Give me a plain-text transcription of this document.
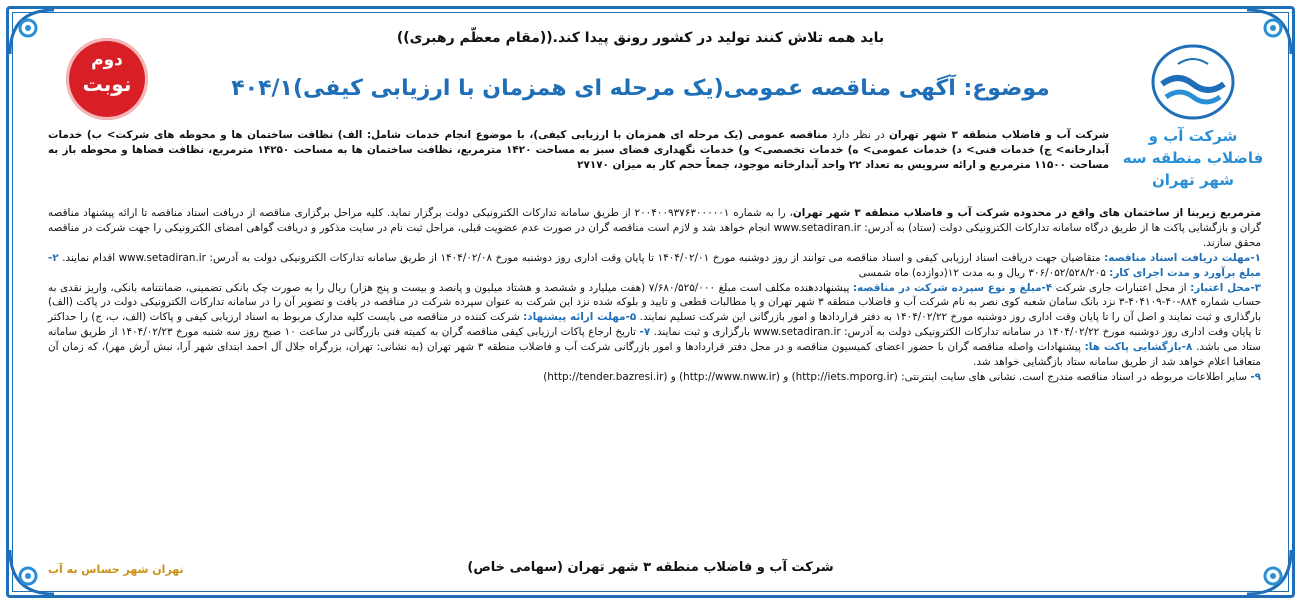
شرکت آب و فاضلاب منطقه سه شهر تهران
دوم
نوبت
باید همه تلاش کنند تولید در کشور رونق پیدا کند.((مقام معظّم رهبری))
موضوع: آگهی مناقصه عمومی(یک مرحله ای همزمان با ارزیابی کیفی)۴۰۴/۱

شرکت آب و فاضلاب منطقه ۳ شهر تهران در نظر دارد مناقصه عمومی (یک مرحله ای همزمان با ارزیابی کیفی)، با موضوع انجام خدمات شامل: الف) نظافت ساختمان ها و محوطه های شرکت> ب) خدمات آبدارخانه> ج) خدمات فنی> د) خدمات عمومی> ه) خدمات تخصصی> و) خدمات نگهداری فضای سبز به مساحت ۱۴۲۰ مترمربع، نظافت ساختمان ها به مساحت ۱۴۲۵۰ مترمربع، نظافت فضاها و محوطه باز به مساحت ۱۱۵۰۰ مترمربع و ارائه سرویس به تعداد ۲۲ واحد آبدارخانه موجود، جمعاً حجم کار به میزان ۲۷۱۷۰

مترمربع زیربنا از ساختمان های واقع در محدوده شرکت آب و فاضلاب منطقه ۳ شهر تهران، را به شماره ۲۰۰۴۰۰۹۳۷۶۳۰۰۰۰۰۱ از طریق سامانه تدارکات الکترونیکی دولت برگزار نماید. کلیه مراحل برگزاری مناقصه از دریافت اسناد مناقصه تا ارائه پیشنهاد مناقصه گران و بازگشایی پاکت ها از طریق درگاه سامانه تدارکات الکترونیکی دولت (ستاد) به آدرس: www.setadiran.ir انجام خواهد شد و لازم است مناقصه گران در صورت عدم عضویت قبلی، مراحل ثبت نام در سایت مذکور و دریافت گواهی امضای الکترونیکی را جهت شرکت در مناقصه محقق سازند.

۱-مهلت دریافت اسناد مناقصه: متقاضیان جهت دریافت اسناد ارزیابی کیفی و اسناد مناقصه می توانند از روز دوشنبه مورخ ۱۴۰۴/۰۲/۰۱ تا پایان وقت اداری روز دوشنبه مورخ ۱۴۰۴/۰۲/۰۸ از طریق سامانه تدارکات الکترونیکی دولت به آدرس: www.setadiran.ir اقدام نمایند. ۲-مبلغ برآورد و مدت اجرای کار: ۳۰۶/۰۵۲/۵۲۸/۲۰۵ ریال و به مدت ۱۲(دوازده) ماه شمسی

۳-محل اعتبار: از محل اعتبارات جاری شرکت ۴-مبلغ و نوع سپرده شرکت در مناقصه: پیشنهاددهنده مکلف است مبلغ ۷/۶۸۰/۵۲۵/۰۰۰ (هفت میلیارد و ششصد و هشتاد میلیون و پانصد و بیست و پنج هزار) ریال را به صورت چک بانکی تضمینی، ضمانتنامه بانکی، واریز نقدی به حساب شماره ۸۸۴-۴۰-۴۰۴۱۰۹-۳ نزد بانک سامان شعبه کوی نصر به نام شرکت آب و فاضلاب منطقه ۳ شهر تهران و یا مطالبات قطعی و تایید و بلوکه شده نزد این شرکت به عنوان سپرده شرکت در مناقصه در یافت و تصویر آن را در سامانه تدارکات الکترونیکی دولت در پاکت (الف) بارگذاری و ثبت نمایند و اصل آن را تا پایان وقت اداری روز دوشنبه مورخ ۱۴۰۴/۰۲/۲۲ به دفتر قراردادها و امور بازرگانی این شرکت تسلیم نمایند. ۵-مهلت ارائه پیشنهاد: شرکت کننده در مناقصه می بایست کلیه مدارک مربوط به اسناد ارزیابی کیفی و پاکات (الف، ب، ج) را حداکثر تا پایان وقت اداری روز دوشنبه مورخ ۱۴۰۴/۰۲/۲۲ در سامانه تدارکات الکترونیکی دولت به آدرس: www.setadiran.ir بارگزاری و ثبت نمایند. ۷- تاریخ ارجاع پاکات ارزیابی کیفی مناقصه گران به کمیته فنی بازرگانی در ساعت ۱۰ صبح روز سه شنبه مورخ ۱۴۰۴/۰۲/۲۳ از طریق سامانه ستاد می باشد. ۸-بازگشایی پاکت ها: پیشنهادات واصله مناقصه گران با حضور اعضای کمیسیون مناقصه و در محل دفتر قراردادها و امور بازرگانی شرکت آب و فاضلاب منطقه ۳ شهر تهران (به نشانی: تهران، بزرگراه جلال آل احمد ابتدای شهر آرا، نبش آرش مهر)، که زمان آن متعاقبا اعلام خواهد شد از طریق سامانه ستاد بازگشایی خواهد شد.

۹- سایر اطلاعات مربوطه در اسناد مناقصه مندرج است. نشانی های سایت اینترنتی: (http://iets.mporg.ir) و (http://www.nww.ir) و (http://tender.bazresi.ir)

شرکت آب و فاضلاب منطقه ۳ شهر تهران (سهامی خاص)
تهران شهر حساس به آب
